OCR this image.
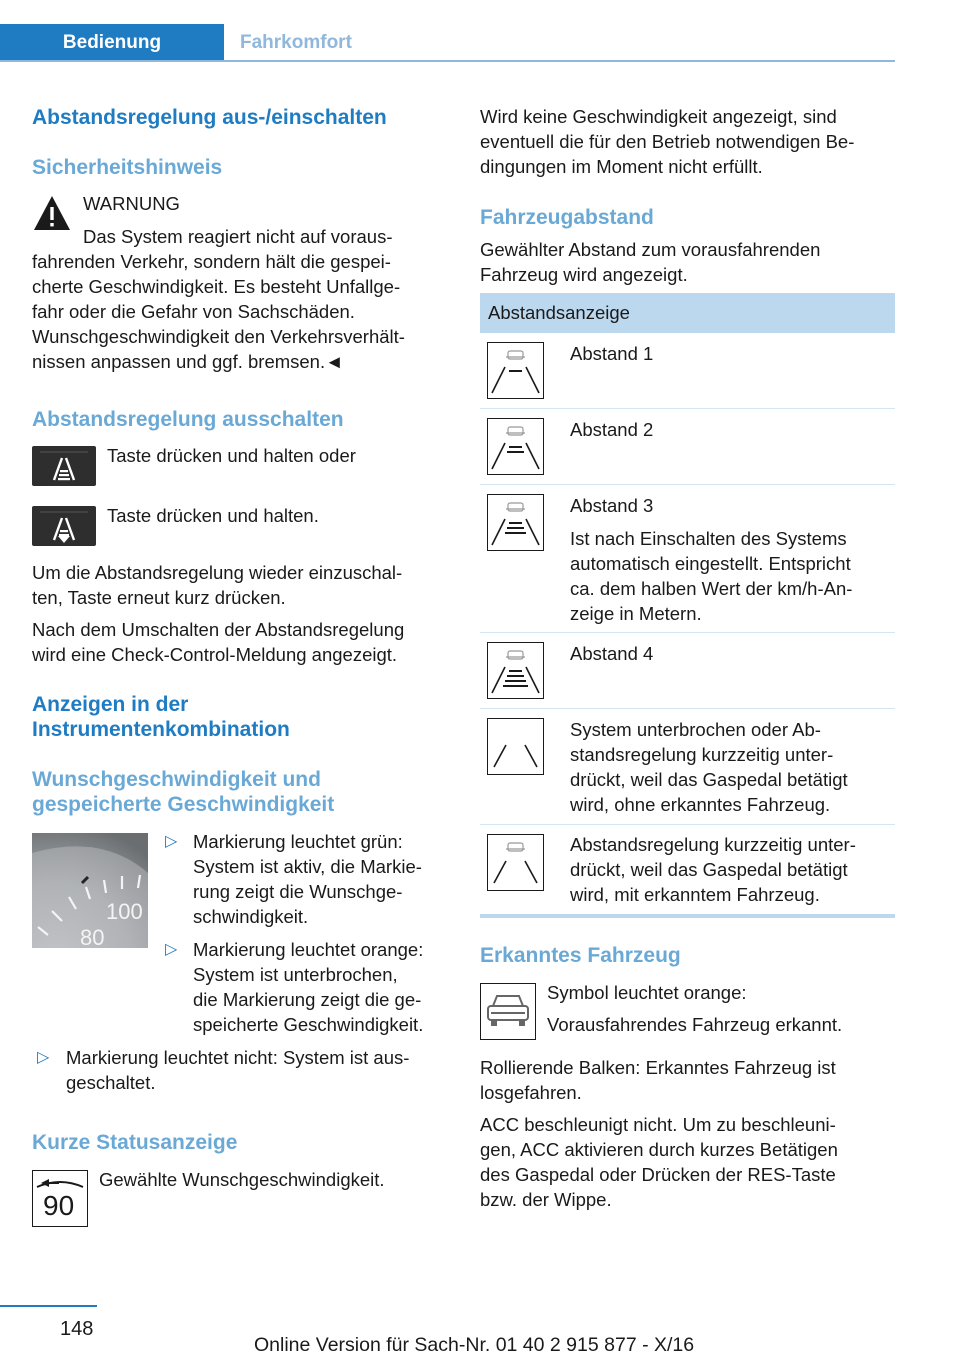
Bedienung	Fahrkomfort
Abstandsregelung aus-/einschalten
Sicherheitshinweis
WARNUNG
Das System reagiert nicht auf voraus-
fahrenden Verkehr, sondern hält die gespei-
cherte Geschwindigkeit. Es besteht Unfallge-
fahr oder die Gefahr von Sachschäden.
Wunschgeschwindigkeit den Verkehrsverhält-
nissen anpassen und ggf. bremsen.◄
Abstandsregelung ausschalten
Taste drücken und halten oder
Taste drücken und halten.
Um die Abstandsregelung wieder einzuschal-
ten, Taste erneut kurz drücken.
Nach dem Umschalten der Abstandsregelung
wird eine Check-Control-Meldung angezeigt.
Anzeigen in der
Instrumentenkombination
Wunschgeschwindigkeit und
gespeicherte Geschwindigkeit
100
80
▷ Markierung leuchtet grün:
System ist aktiv, die Markie-
rung zeigt die Wunschge-
schwindigkeit.
▷ Markierung leuchtet orange:
System ist unterbrochen,
die Markierung zeigt die ge-
speicherte Geschwindigkeit.
▷ Markierung leuchtet nicht: System ist aus-
geschaltet.
Kurze Statusanzeige
90
Gewählte Wunschgeschwindigkeit.
Wird keine Geschwindigkeit angezeigt, sind
eventuell die für den Betrieb notwendigen Be-
dingungen im Moment nicht erfüllt.
Fahrzeugabstand
Gewählter Abstand zum vorausfahrenden
Fahrzeug wird angezeigt.
Abstandsanzeige
Abstand 1
Abstand 2
Abstand 3
Ist nach Einschalten des Systems
automatisch eingestellt. Entspricht
ca. dem halben Wert der km/h-An-
zeige in Metern.
Abstand 4
System unterbrochen oder Ab-
standsregelung kurzzeitig unter-
drückt, weil das Gaspedal betätigt
wird, ohne erkanntes Fahrzeug.
Abstandsregelung kurzzeitig unter-
drückt, weil das Gaspedal betätigt
wird, mit erkanntem Fahrzeug.
Erkanntes Fahrzeug
Symbol leuchtet orange:
Vorausfahrendes Fahrzeug erkannt.
Rollierende Balken: Erkanntes Fahrzeug ist
losgefahren.
ACC beschleunigt nicht. Um zu beschleuni-
gen, ACC aktivieren durch kurzes Betätigen
des Gaspedal oder Drücken der RES-Taste
bzw. der Wippe.
148
Online Version für Sach-Nr. 01 40 2 915 877 - X/16
